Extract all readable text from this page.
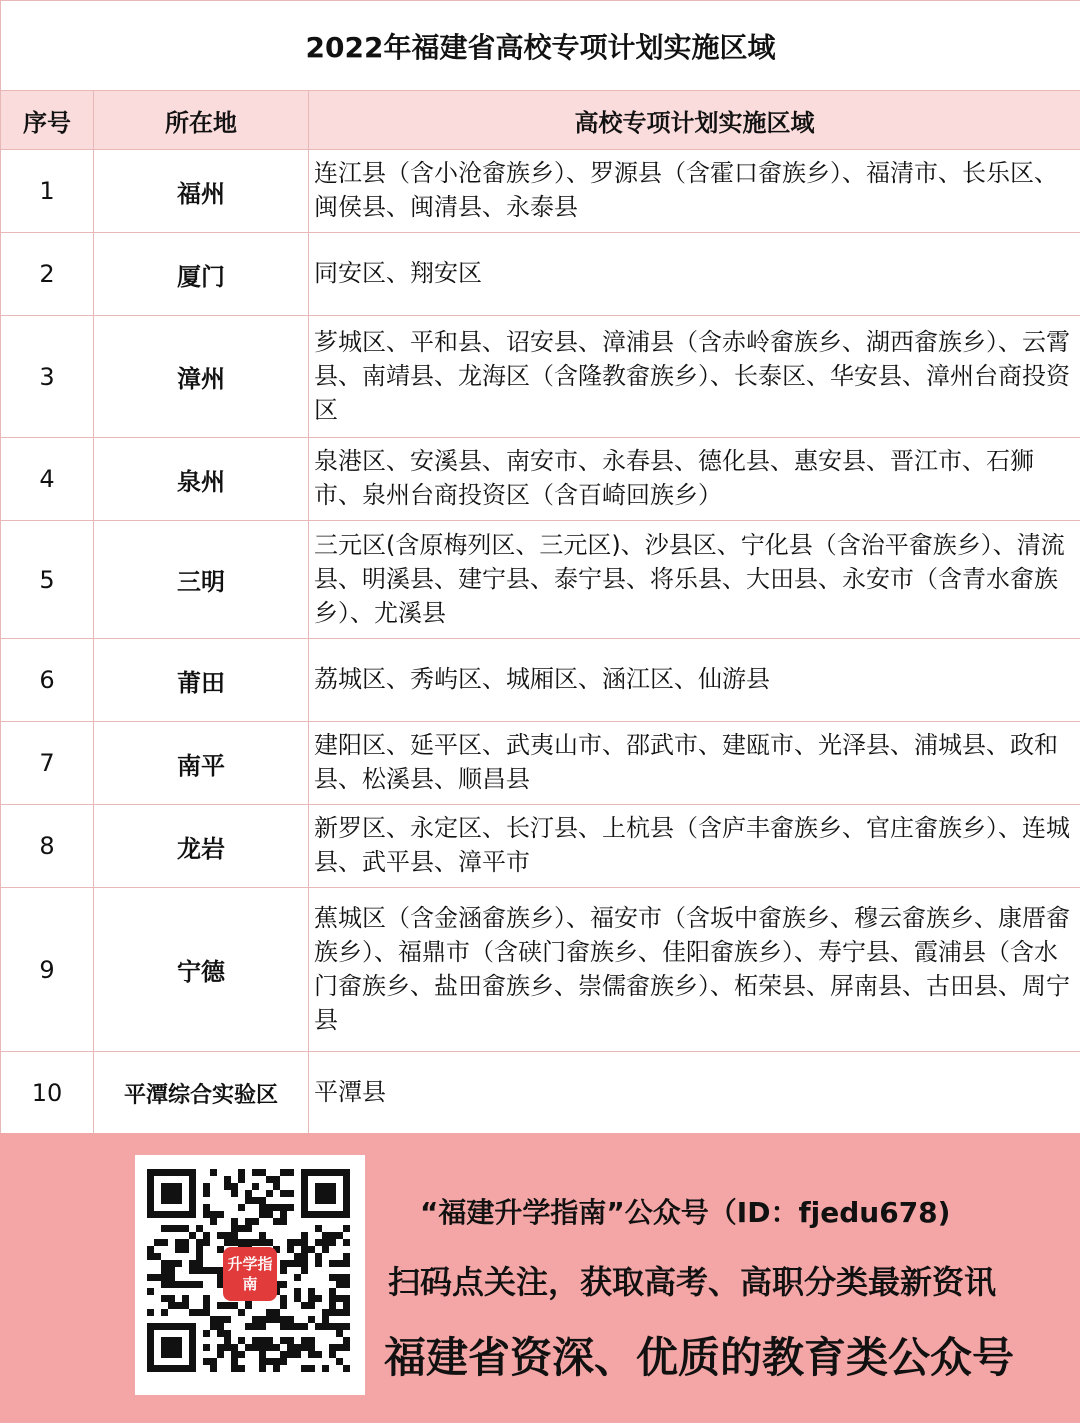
2022年福建省高校专项计划实施区域		
序号	所在地	高校专项计划实施区域
1	福州	连江县（含小沧畲族乡）、罗源县（含霍口畲族乡）、福清市、长乐区、闽侯县、闽清县、永泰县
2	厦门	同安区、翔安区
3	漳州	芗城区、平和县、诏安县、漳浦县（含赤岭畲族乡、湖西畲族乡）、云霄县、南靖县、龙海区（含隆教畲族乡）、长泰区、华安县、漳州台商投资区
4	泉州	泉港区、安溪县、南安市、永春县、德化县、惠安县、晋江市、石狮市、泉州台商投资区（含百崎回族乡）
5	三明	三元区(含原梅列区、三元区)、沙县区、宁化县（含治平畲族乡）、清流县、明溪县、建宁县、泰宁县、将乐县、大田县、永安市（含青水畲族乡）、尤溪县
6	莆田	荔城区、秀屿区、城厢区、涵江区、仙游县
7	南平	建阳区、延平区、武夷山市、邵武市、建瓯市、光泽县、浦城县、政和县、松溪县、顺昌县
8	龙岩	新罗区、永定区、长汀县、上杭县（含庐丰畲族乡、官庄畲族乡）、连城县、武平县、漳平市
9	宁德	蕉城区（含金涵畲族乡）、福安市（含坂中畲族乡、穆云畲族乡、康厝畲族乡）、福鼎市（含硖门畲族乡、佳阳畲族乡）、寿宁县、霞浦县（含水门畲族乡、盐田畲族乡、崇儒畲族乡）、柘荣县、屏南县、古田县、周宁县
10	平潭综合实验区	平潭县
升学指南
“福建升学指南”公众号（ID：fjedu678)
扫码点关注，获取高考、高职分类最新资讯
福建省资深、优质的教育类公众号
